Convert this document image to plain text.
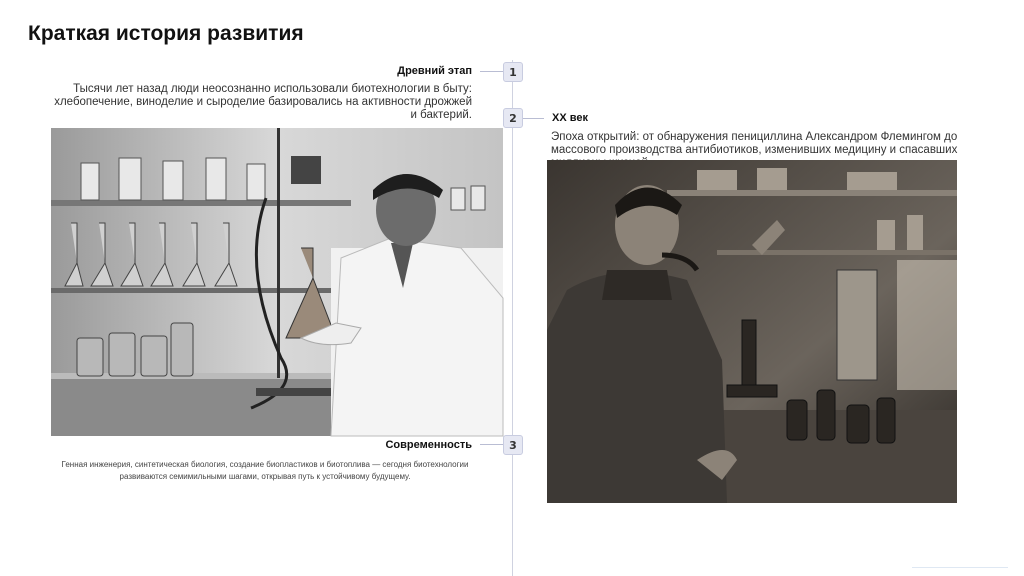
Краткая история развития
1
Древний этап
Тысячи лет назад люди неосознанно использовали биотехнологии в быту: хлебопечение, виноделие и сыроделие базировались на активности дрожжей и бактерий.	2	XX век
Эпоха открытий: от обнаружения пенициллина Александром Флемингом до массового производства антибиотиков, изменивших медицину и спасавших
3
Современность
Генная инженерия, синтетическая биология, создание биопластиков и биотоплива — сегодня биотехнологии развиваются семимильными шагами, открывая путь к устойчивому будущему.
